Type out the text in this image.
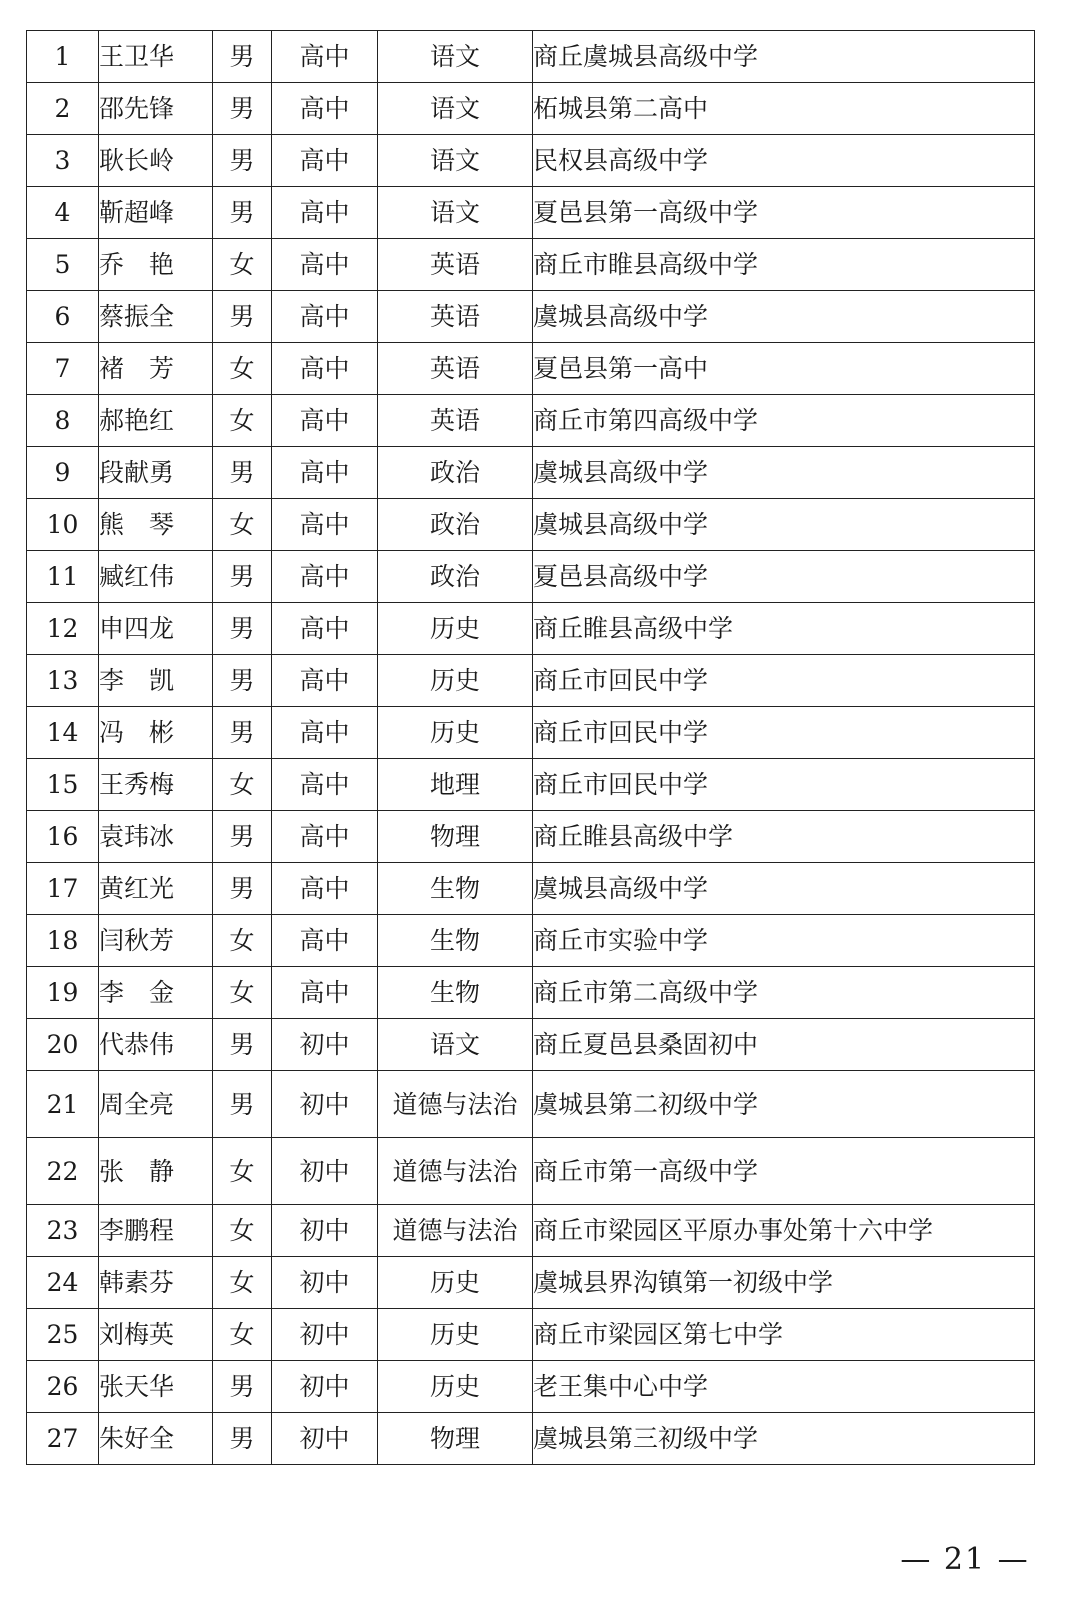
1	王卫华	男	高中	语文	商丘虞城县高级中学
2	邵先锋	男	高中	语文	柘城县第二高中
3	耿长岭	男	高中	语文	民权县高级中学
4	靳超峰	男	高中	语文	夏邑县第一高级中学
5	乔　艳	女	高中	英语	商丘市睢县高级中学
6	蔡振全	男	高中	英语	虞城县高级中学
7	褚　芳	女	高中	英语	夏邑县第一高中
8	郝艳红	女	高中	英语	商丘市第四高级中学
9	段献勇	男	高中	政治	虞城县高级中学
10	熊　琴	女	高中	政治	虞城县高级中学
11	臧红伟	男	高中	政治	夏邑县高级中学
12	申四龙	男	高中	历史	商丘睢县高级中学
13	李　凯	男	高中	历史	商丘市回民中学
14	冯　彬	男	高中	历史	商丘市回民中学
15	王秀梅	女	高中	地理	商丘市回民中学
16	袁玮冰	男	高中	物理	商丘睢县高级中学
17	黄红光	男	高中	生物	虞城县高级中学
18	闫秋芳	女	高中	生物	商丘市实验中学
19	李　金	女	高中	生物	商丘市第二高级中学
20	代恭伟	男	初中	语文	商丘夏邑县桑固初中
21	周全亮	男	初中	道德与法治	虞城县第二初级中学
22	张　静	女	初中	道德与法治	商丘市第一高级中学
23	李鹏程	女	初中	道德与法治	商丘市梁园区平原办事处第十六中学
24	韩素芬	女	初中	历史	虞城县界沟镇第一初级中学
25	刘梅英	女	初中	历史	商丘市梁园区第七中学
26	张天华	男	初中	历史	老王集中心中学
27	朱好全	男	初中	物理	虞城县第三初级中学
— 21 —
